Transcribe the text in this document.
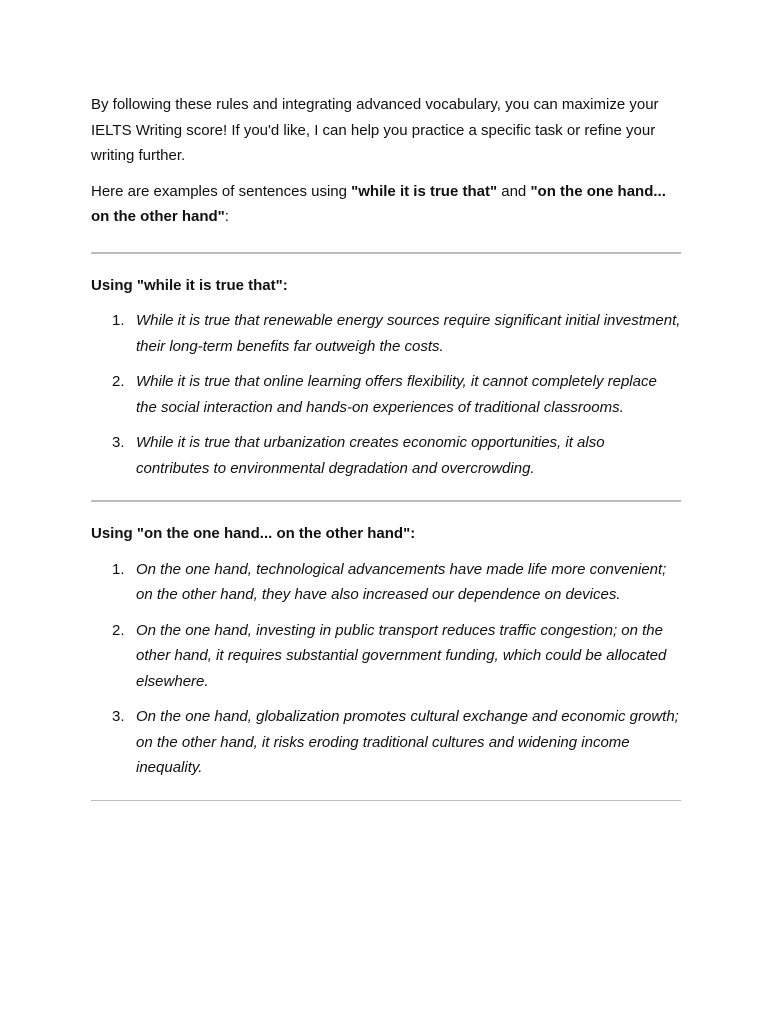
By following these rules and integrating advanced vocabulary, you can maximize your IELTS Writing score! If you'd like, I can help you practice a specific task or refine your writing further.

Here are examples of sentences using "while it is true that" and "on the one hand... on the other hand":

Using "while it is true that":
1. While it is true that renewable energy sources require significant initial investment, their long-term benefits far outweigh the costs.
2. While it is true that online learning offers flexibility, it cannot completely replace the social interaction and hands-on experiences of traditional classrooms.
3. While it is true that urbanization creates economic opportunities, it also contributes to environmental degradation and overcrowding.
Using "on the one hand... on the other hand":
1. On the one hand, technological advancements have made life more convenient; on the other hand, they have also increased our dependence on devices.
2. On the one hand, investing in public transport reduces traffic congestion; on the other hand, it requires substantial government funding, which could be allocated elsewhere.
3. On the one hand, globalization promotes cultural exchange and economic growth; on the other hand, it risks eroding traditional cultures and widening income inequality.
